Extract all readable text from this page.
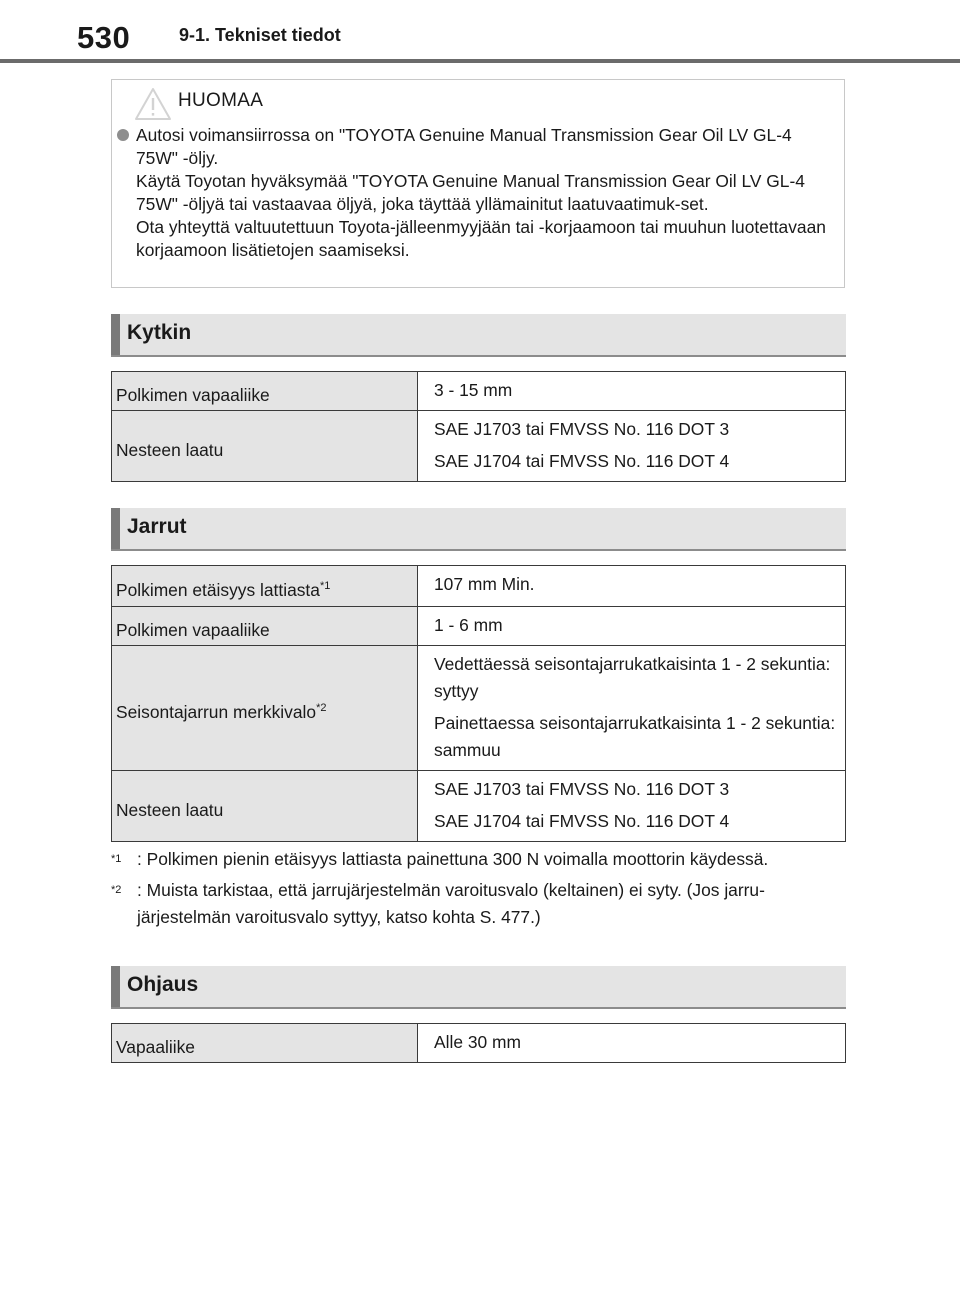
530	9-1. Tekniset tiedot
HUOMAA

Autosi voimansiirrossa on "TOYOTA Genuine Manual Transmission Gear Oil LV GL-4 75W" -öljy.

Käytä Toyotan hyväksymää "TOYOTA Genuine Manual Transmission Gear Oil LV GL-4 75W" -öljyä tai vastaavaa öljyä, joka täyttää yllämainitut laatuvaatimuk-set.

Ota yhteyttä valtuutettuun Toyota-jälleenmyyjään tai -korjaamoon tai muuhun luotettavaan korjaamoon lisätietojen saamiseksi.

Kytkin
Polkimen vapaaliike	3 - 15 mm

Nesteen laatu	SAE J1703 tai FMVSS No. 116 DOT 3

SAE J1704 tai FMVSS No. 116 DOT 4

Jarrut
Polkimen etäisyys lattiasta$^{*1}$	107 mm Min.

Polkimen vapaaliike	1 - 6 mm

Seisontajarrun merkkivalo$^{*2}$	Vedettäessä seisontajarrukatkaisinta 1 - 2 sekuntia: syttyy

Painettaessa seisontajarrukatkaisinta 1 - 2 sekuntia: sammuu

Nesteen laatu	SAE J1703 tai FMVSS No. 116 DOT 3

SAE J1704 tai FMVSS No. 116 DOT 4

$^{*1}$ : Polkimen pienin etäisyys lattiasta painettuna 300 N voimalla moottorin käydessä.
$^{*2}$ : Muista tarkistaa, että jarrujärjestelmän varoitusvalo (keltainen) ei syty. (Jos jarru-järjestelmän varoitusvalo syttyy, katso kohta S. 477.)
Ohjaus
Vapaaliike	Alle 30 mm
